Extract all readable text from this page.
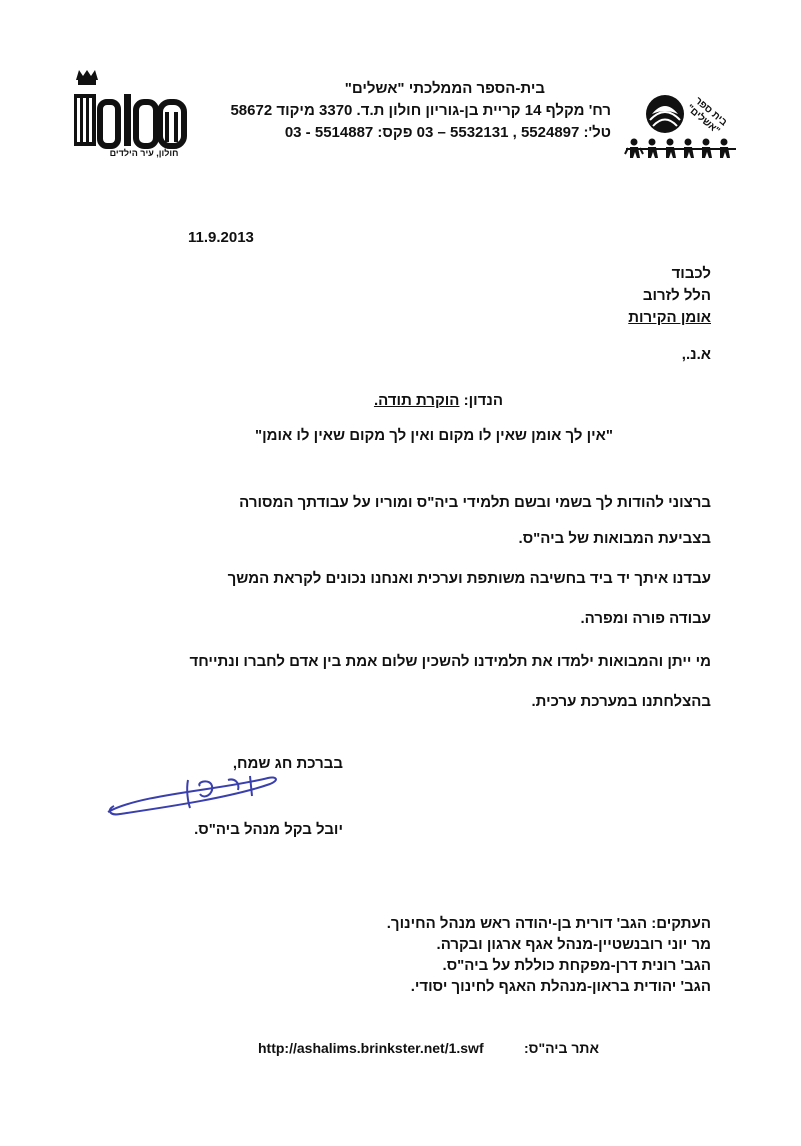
חולון, עיר הילדים
בית ספר "אשלים"
בית-הספר הממלכתי "אשלים"
רח' מקלף 14 קריית בן-גוריון חולון ת.ד. 3370 מיקוד 58672
טל': 5524897 , 5532131 – 03 פקס: 5514887 - 03
11.9.2013
לכבוד
הלל לזרוב
אומן הקירות
א.נ.,
הנדון: הוקרת תודה.
"אין לך אומן שאין לו מקום ואין לך מקום שאין לו אומן"
ברצוני להודות לך בשמי ובשם תלמידי ביה"ס ומוריו על עבודתך המסורה
בצביעת המבואות של ביה"ס.
עבדנו איתך יד ביד בחשיבה משותפת וערכית ואנחנו נכונים לקראת המשך
עבודה פורה ומפרה.
מי ייתן והמבואות ילמדו את תלמידנו להשכין שלום אמת בין אדם לחברו ונתייחד
בהצלחתנו במערכת ערכית.
בברכת חג שמח,
יובל בקל מנהל ביה"ס.
העתקים: הגב' דורית בן-יהודה ראש מנהל החינוך.
מר יוני רובנשטיין-מנהל אגף ארגון ובקרה.
הגב' רונית דרן-מפקחת כוללת על ביה"ס.
הגב' יהודית בראון-מנהלת האגף לחינוך יסודי.
אתר ביה"ס:
http://ashalims.brinkster.net/1.swf
